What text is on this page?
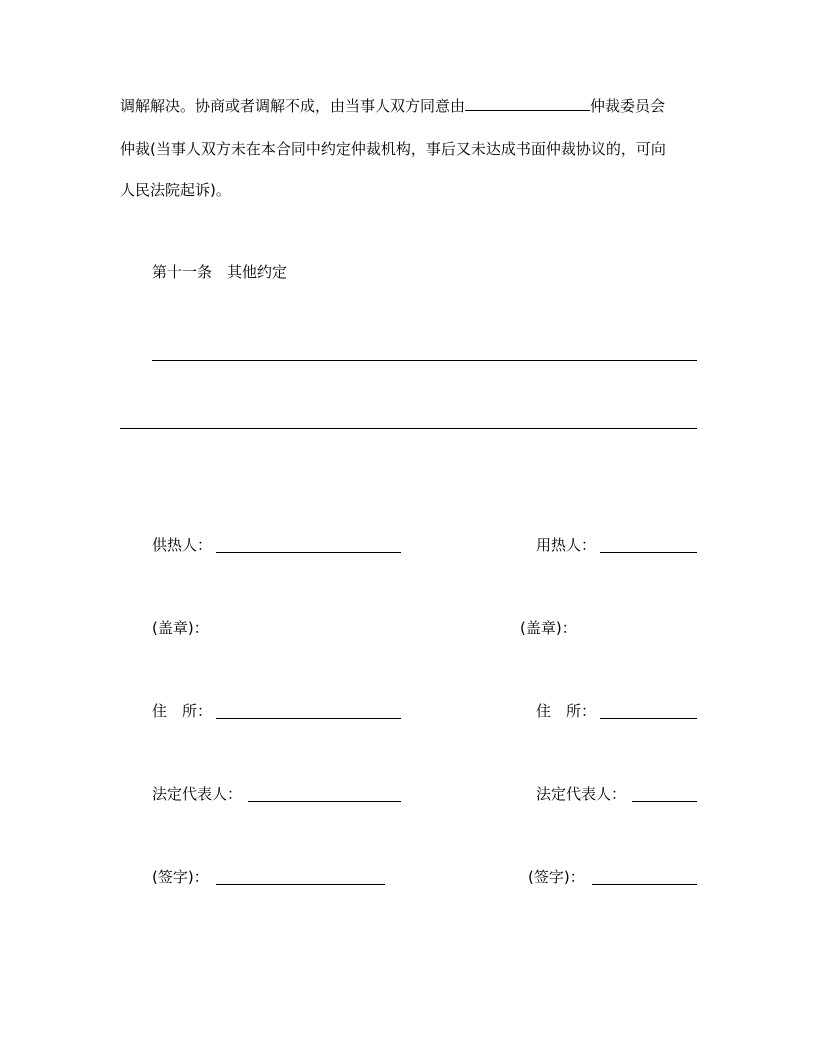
调解解决。协商或者调解不成，由当事人双方同意由	仲裁委员会
仲裁(当事人双方未在本合同中约定仲裁机构，事后又未达成书面仲裁协议的，可向
人民法院起诉)。
第十一条　其他约定
供热人：
(盖章)：
住　所：
法定代表人：
(签字)：
用热人：
(盖章)：
住　所：
法定代表人：
(签字)：
